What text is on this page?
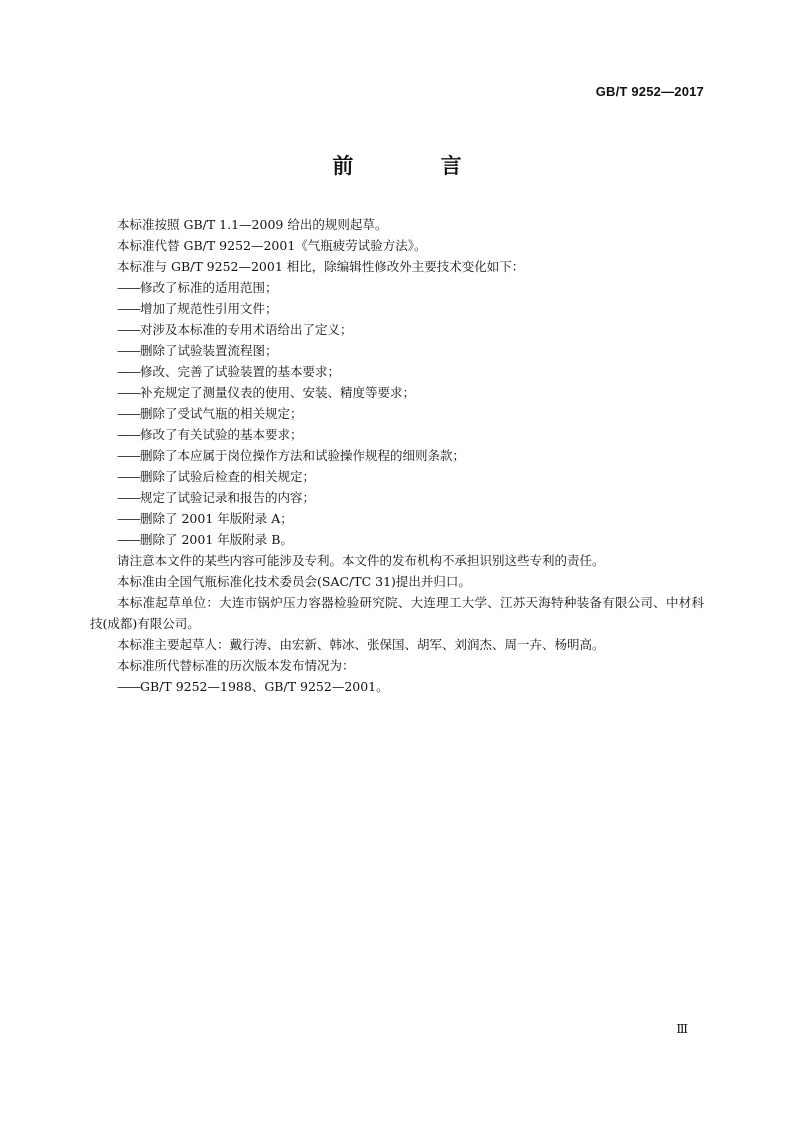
GB/T 9252—2017
前 言

本标准按照 GB/T 1.1—2009 给出的规则起草。

本标准代替 GB/T 9252—2001《气瓶疲劳试验方法》。

本标准与 GB/T 9252—2001 相比，除编辑性修改外主要技术变化如下：

——修改了标准的适用范围；

——增加了规范性引用文件；

——对涉及本标准的专用术语给出了定义；

——删除了试验装置流程图；

——修改、完善了试验装置的基本要求；

——补充规定了测量仪表的使用、安装、精度等要求；

——删除了受试气瓶的相关规定；

——修改了有关试验的基本要求；

——删除了本应属于岗位操作方法和试验操作规程的细则条款；

——删除了试验后检查的相关规定；

——规定了试验记录和报告的内容；

——删除了 2001 年版附录 A；

——删除了 2001 年版附录 B。

请注意本文件的某些内容可能涉及专利。本文件的发布机构不承担识别这些专利的责任。

本标准由全国气瓶标准化技术委员会(SAC/TC 31)提出并归口。

本标准起草单位：大连市锅炉压力容器检验研究院、大连理工大学、江苏天海特种装备有限公司、中材科技(成都)有限公司。

本标准主要起草人：戴行涛、由宏新、韩冰、张保国、胡军、刘润杰、周一卉、杨明高。

本标准所代替标准的历次版本发布情况为：

——GB/T 9252—1988、GB/T 9252—2001。

Ⅲ
